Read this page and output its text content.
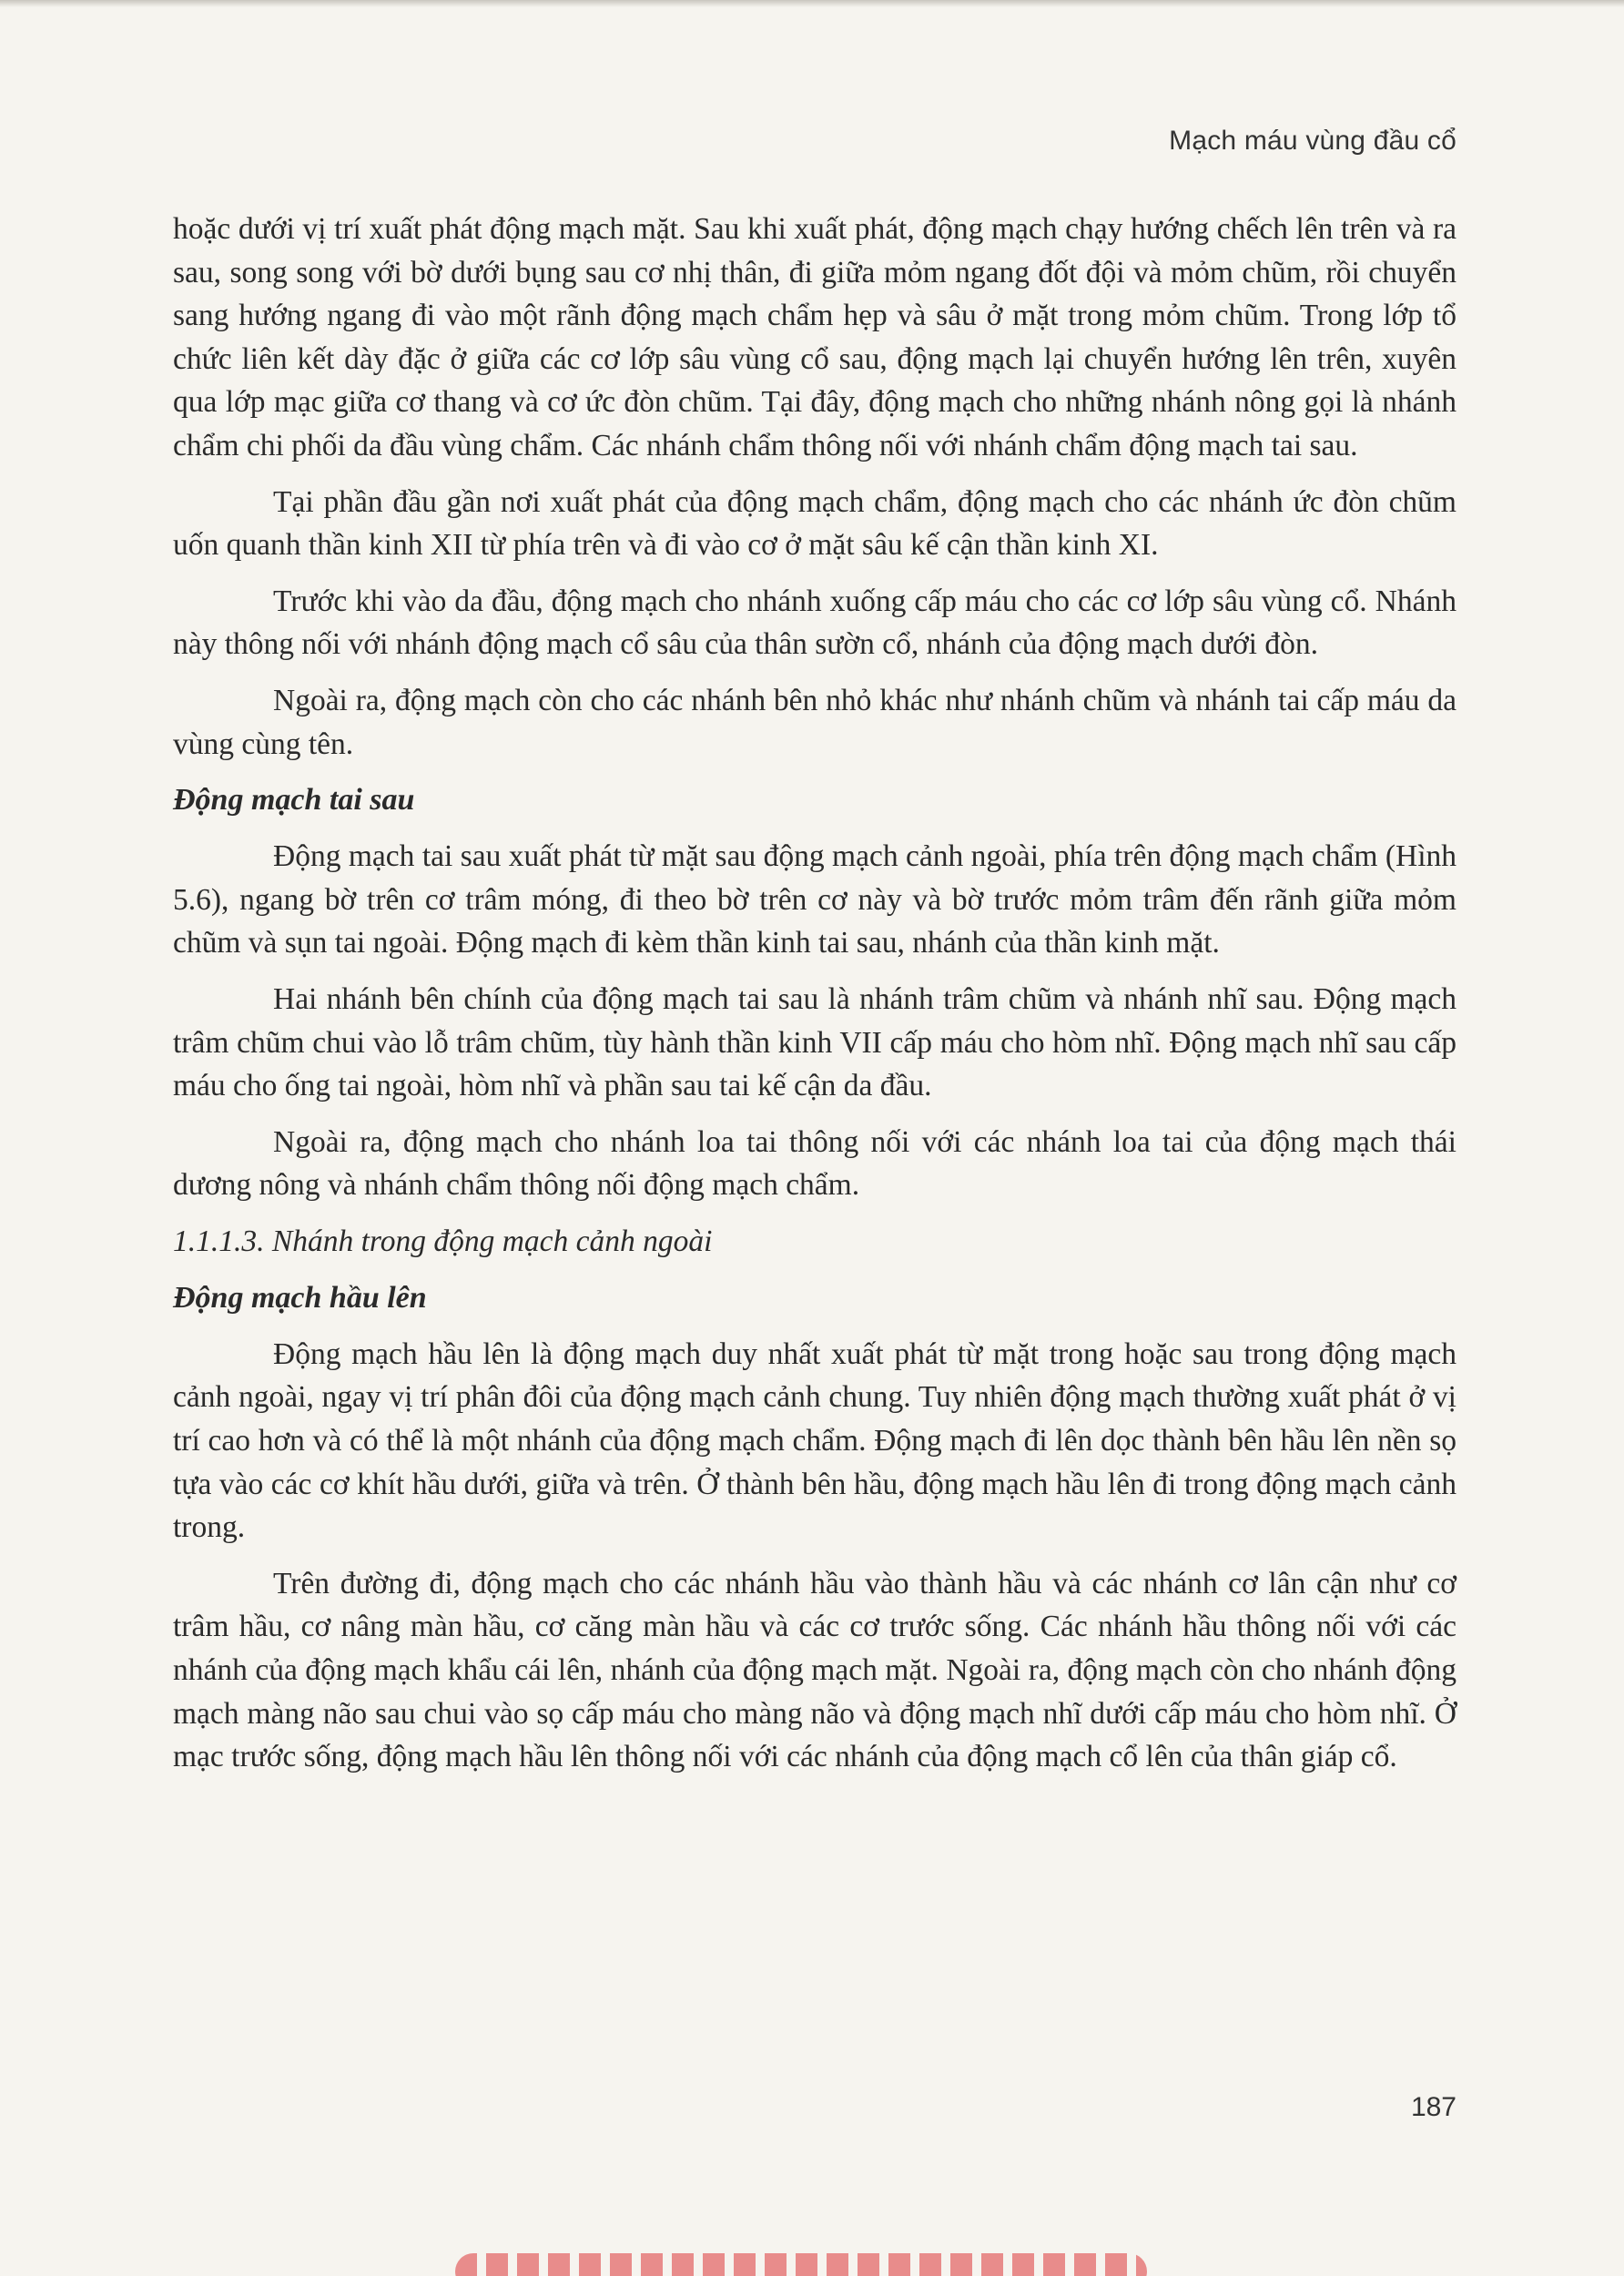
Mạch máu vùng đầu cổ

hoặc dưới vị trí xuất phát động mạch mặt. Sau khi xuất phát, động mạch chạy hướng chếch lên trên và ra sau, song song với bờ dưới bụng sau cơ nhị thân, đi giữa mỏm ngang đốt đội và mỏm chũm, rồi chuyển sang hướng ngang đi vào một rãnh động mạch chẩm hẹp và sâu ở mặt trong mỏm chũm. Trong lớp tổ chức liên kết dày đặc ở giữa các cơ lớp sâu vùng cổ sau, động mạch lại chuyển hướng lên trên, xuyên qua lớp mạc giữa cơ thang và cơ ức đòn chũm. Tại đây, động mạch cho những nhánh nông gọi là nhánh chẩm chi phối da đầu vùng chẩm. Các nhánh chẩm thông nối với nhánh chẩm động mạch tai sau.

Tại phần đầu gần nơi xuất phát của động mạch chẩm, động mạch cho các nhánh ức đòn chũm uốn quanh thần kinh XII từ phía trên và đi vào cơ ở mặt sâu kế cận thần kinh XI.

Trước khi vào da đầu, động mạch cho nhánh xuống cấp máu cho các cơ lớp sâu vùng cổ. Nhánh này thông nối với nhánh động mạch cổ sâu của thân sườn cổ, nhánh của động mạch dưới đòn.

Ngoài ra, động mạch còn cho các nhánh bên nhỏ khác như nhánh chũm và nhánh tai cấp máu da vùng cùng tên.

Động mạch tai sau

Động mạch tai sau xuất phát từ mặt sau động mạch cảnh ngoài, phía trên động mạch chẩm (Hình 5.6), ngang bờ trên cơ trâm móng, đi theo bờ trên cơ này và bờ trước mỏm trâm đến rãnh giữa mỏm chũm và sụn tai ngoài. Động mạch đi kèm thần kinh tai sau, nhánh của thần kinh mặt.

Hai nhánh bên chính của động mạch tai sau là nhánh trâm chũm và nhánh nhĩ sau. Động mạch trâm chũm chui vào lỗ trâm chũm, tùy hành thần kinh VII cấp máu cho hòm nhĩ. Động mạch nhĩ sau cấp máu cho ống tai ngoài, hòm nhĩ và phần sau tai kế cận da đầu.

Ngoài ra, động mạch cho nhánh loa tai thông nối với các nhánh loa tai của động mạch thái dương nông và nhánh chẩm thông nối động mạch chẩm.

1.1.1.3. Nhánh trong động mạch cảnh ngoài
Động mạch hầu lên

Động mạch hầu lên là động mạch duy nhất xuất phát từ mặt trong hoặc sau trong động mạch cảnh ngoài, ngay vị trí phân đôi của động mạch cảnh chung. Tuy nhiên động mạch thường xuất phát ở vị trí cao hơn và có thể là một nhánh của động mạch chẩm. Động mạch đi lên dọc thành bên hầu lên nền sọ tựa vào các cơ khít hầu dưới, giữa và trên. Ở thành bên hầu, động mạch hầu lên đi trong động mạch cảnh trong.

Trên đường đi, động mạch cho các nhánh hầu vào thành hầu và các nhánh cơ lân cận như cơ trâm hầu, cơ nâng màn hầu, cơ căng màn hầu và các cơ trước sống. Các nhánh hầu thông nối với các nhánh của động mạch khẩu cái lên, nhánh của động mạch mặt. Ngoài ra, động mạch còn cho nhánh động mạch màng não sau chui vào sọ cấp máu cho màng não và động mạch nhĩ dưới cấp máu cho hòm nhĩ. Ở mạc trước sống, động mạch hầu lên thông nối với các nhánh của động mạch cổ lên của thân giáp cổ.

187
